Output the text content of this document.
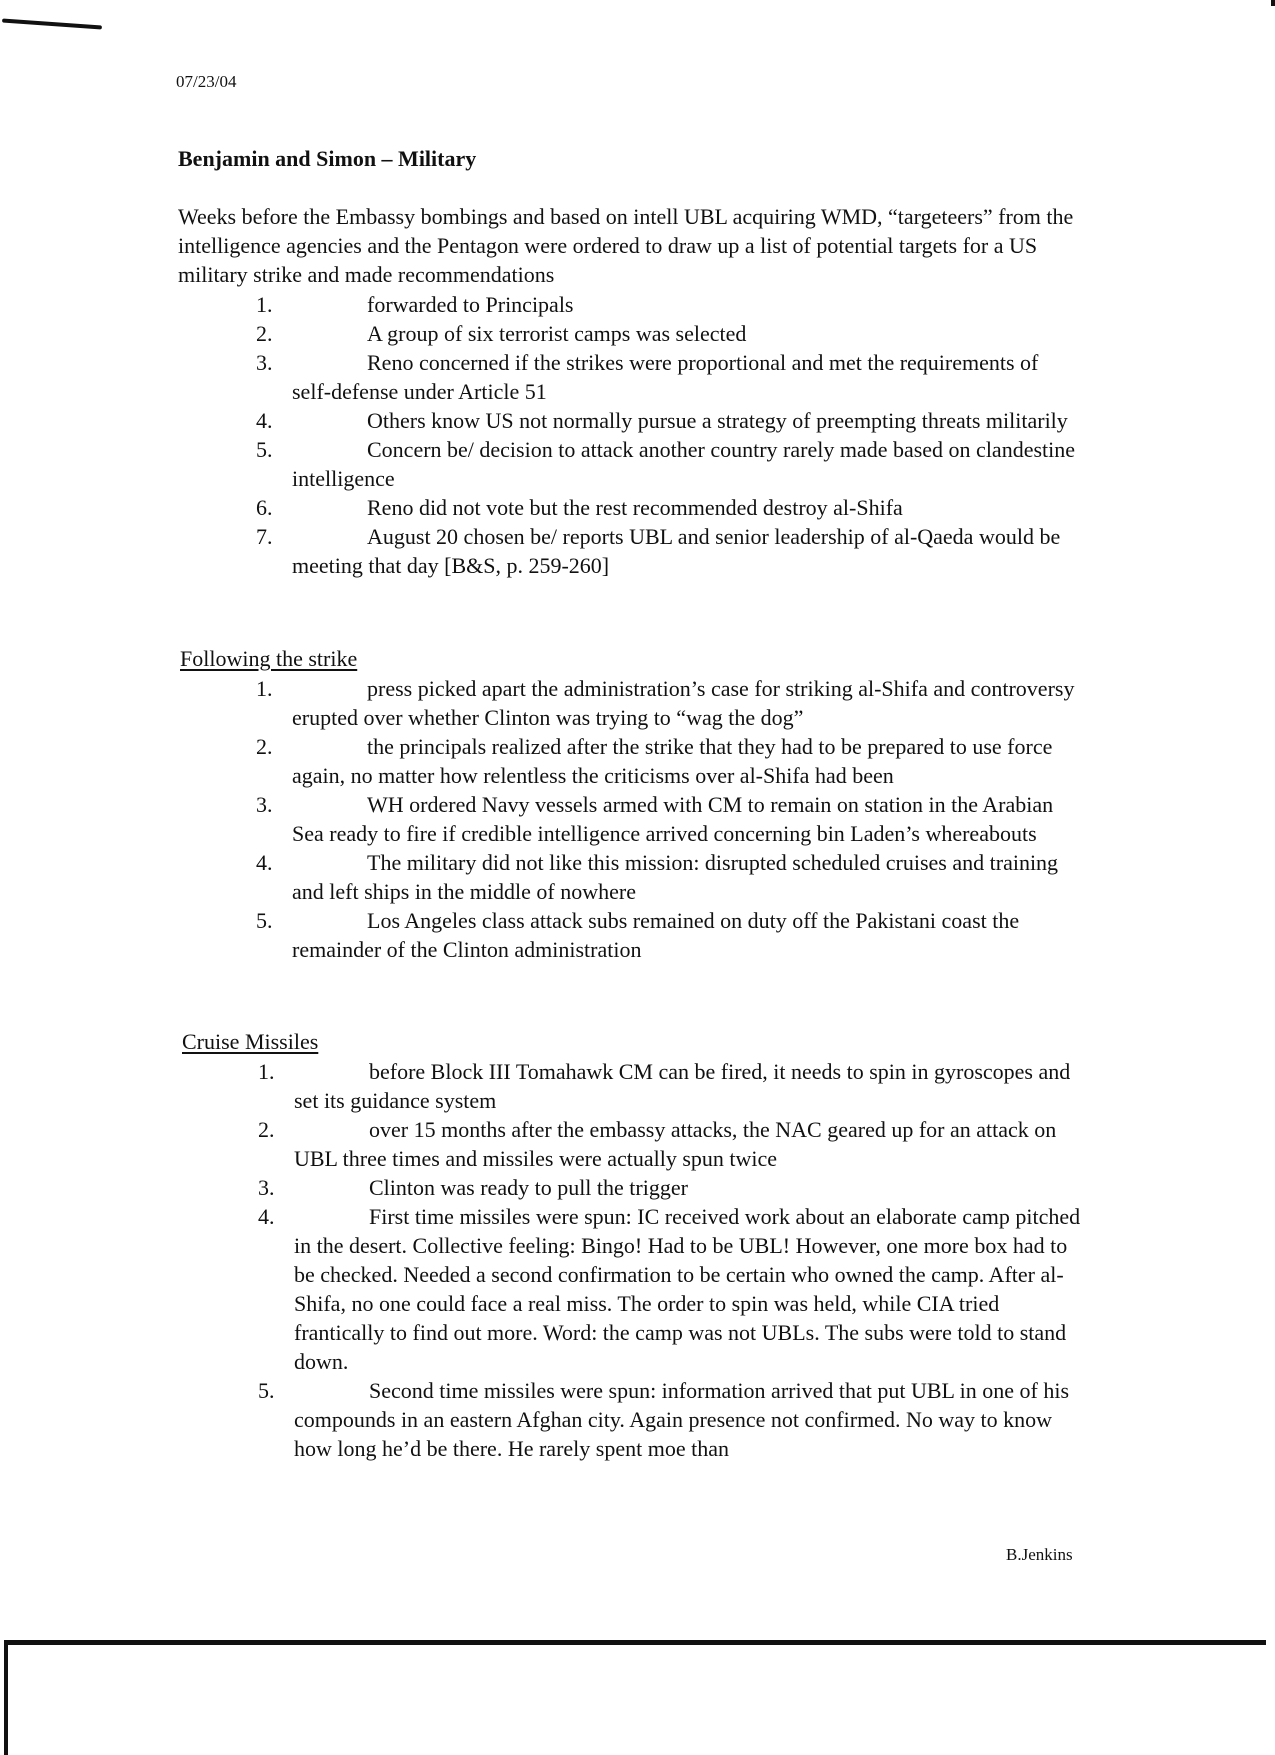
07/23/04
Benjamin and Simon – Military
Weeks before the Embassy bombings and based on intell UBL acquiring WMD, “targeteers” from the intelligence agencies and the Pentagon were ordered to draw up a list of potential targets for a US military strike and made recommendations
1.	forwarded to Principals
2.	A group of six terrorist camps was selected
3.	Reno concerned if the strikes were proportional and met the requirements of self-defense under Article 51
4.	Others know US not normally pursue a strategy of preempting threats militarily
5.	Concern be/ decision to attack another country rarely made based on clandestine intelligence
6.	Reno did not vote but the rest recommended destroy al-Shifa
7.	August 20 chosen be/ reports UBL and senior leadership of al-Qaeda would be meeting that day [B&S, p. 259-260]
Following the strike
1.	press picked apart the administration’s case for striking al-Shifa and controversy erupted over whether Clinton was trying to “wag the dog”
2.	the principals realized after the strike that they had to be prepared to use force again, no matter how relentless the criticisms over al-Shifa had been
3.	WH ordered Navy vessels armed with CM to remain on station in the Arabian Sea ready to fire if credible intelligence arrived concerning bin Laden’s whereabouts
4.	The military did not like this mission: disrupted scheduled cruises and training and left ships in the middle of nowhere
5.	Los Angeles class attack subs remained on duty off the Pakistani coast the remainder of the Clinton administration
Cruise Missiles
1.	before Block III Tomahawk CM can be fired, it needs to spin in gyroscopes and set its guidance system
2.	over 15 months after the embassy attacks, the NAC geared up for an attack on UBL three times and missiles were actually spun twice
3.	Clinton was ready to pull the trigger
4.	First time missiles were spun: IC received work about an elaborate camp pitched in the desert. Collective feeling: Bingo! Had to be UBL! However, one more box had to be checked. Needed a second confirmation to be certain who owned the camp. After al-Shifa, no one could face a real miss. The order to spin was held, while CIA tried frantically to find out more. Word: the camp was not UBLs. The subs were told to stand down.
5.	Second time missiles were spun: information arrived that put UBL in one of his compounds in an eastern Afghan city. Again presence not confirmed. No way to know how long he’d be there. He rarely spent moe than
B.Jenkins
